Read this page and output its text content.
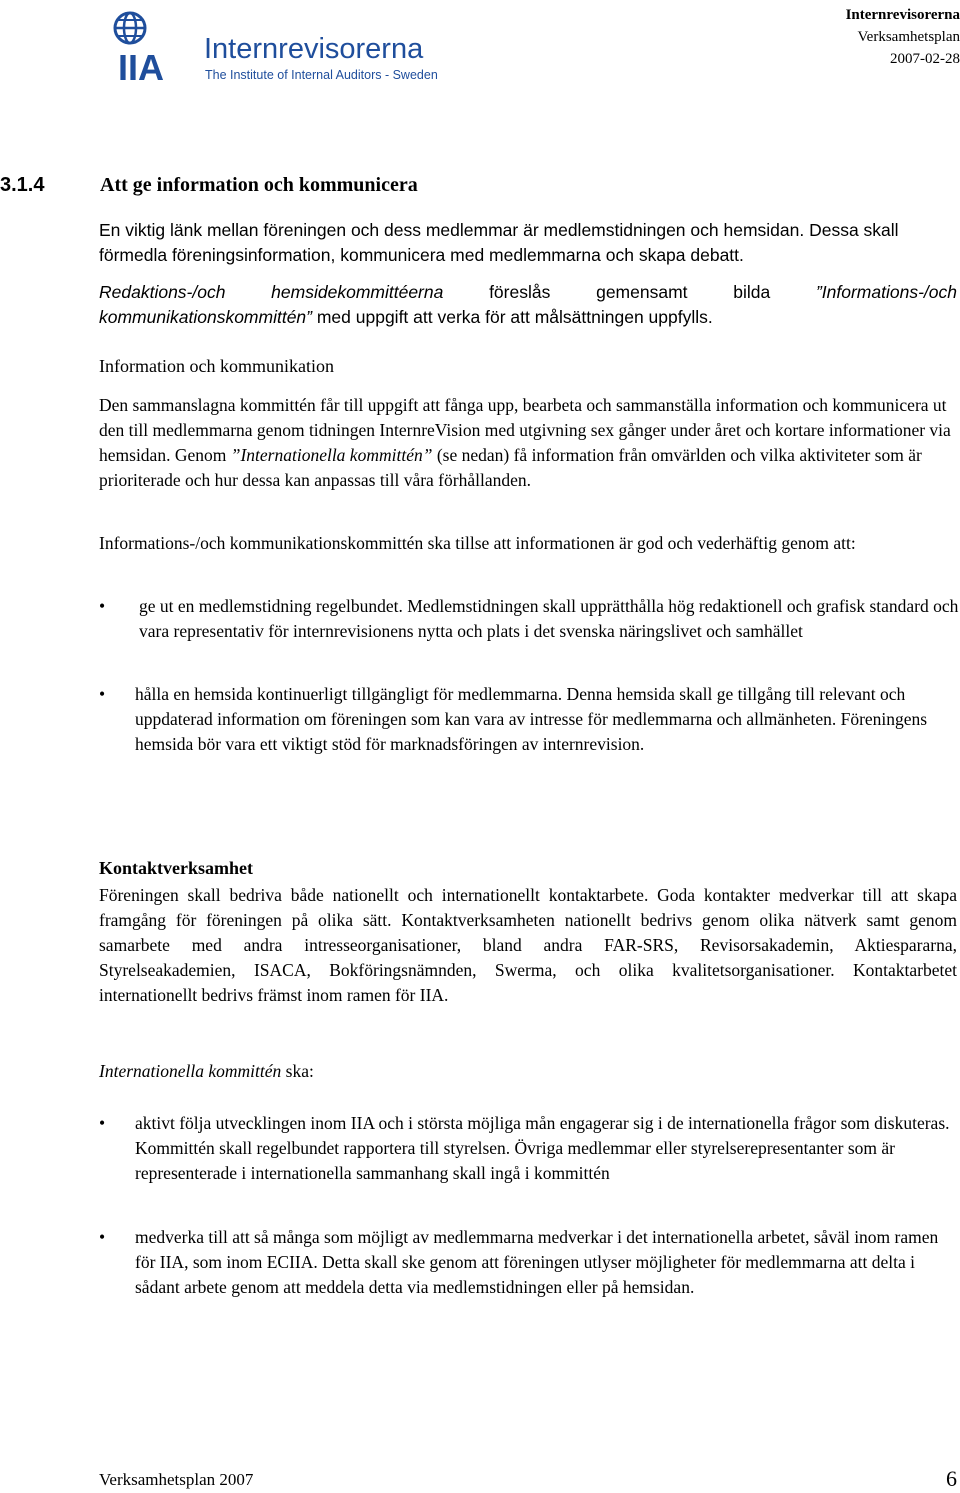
IIA Internrevisorerna
The Institute of Internal Auditors - Sweden
Internrevisorerna
Verksamhetsplan
2007-02-28
3.1.4	Att ge information och kommunicera

En viktig länk mellan föreningen och dess medlemmar är medlemstidningen och hemsidan. Dessa skall förmedla föreningsinformation, kommunicera med medlemmarna och skapa debatt.

Redaktions-/och hemsidekommittéerna föreslås gemensamt bilda ”Informations-/och kommunikationskommittén” med uppgift att verka för att målsättningen uppfylls.

Information och kommunikation

Den sammanslagna kommittén får till uppgift att fånga upp, bearbeta och sammanställa information och kommunicera ut den till medlemmarna genom tidningen InternreVision med utgivning sex gånger under året och kortare informationer via hemsidan. Genom ”Internationella kommittén” (se nedan) få information från omvärlden och vilka aktiviteter som är prioriterade och hur dessa kan anpassas till våra förhållanden.

Informations-/och kommunikationskommittén ska tillse att informationen är god och vederhäftig genom att:

• ge ut en medlemstidning regelbundet. Medlemstidningen skall upprätthålla hög redaktionell och grafisk standard och vara representativ för internrevisionens nytta och plats i det svenska näringslivet och samhället
• hålla en hemsida kontinuerligt tillgängligt för medlemmarna. Denna hemsida skall ge tillgång till relevant och uppdaterad information om föreningen som kan vara av intresse för medlemmarna och allmänheten. Föreningens hemsida bör vara ett viktigt stöd för marknadsföringen av internrevision.
Kontaktverksamhet

Föreningen skall bedriva både nationellt och internationellt kontaktarbete. Goda kontakter medverkar till att skapa framgång för föreningen på olika sätt. Kontaktverksamheten nationellt bedrivs genom olika nätverk samt genom samarbete med andra intresseorganisationer, bland andra FAR-SRS, Revisorsakademin, Aktiespararna, Styrelseakademien, ISACA, Bokföringsnämnden, Swerma, och olika kvalitetsorganisationer. Kontaktarbetet internationellt bedrivs främst inom ramen för IIA.

Internationella kommittén ska:

• aktivt följa utvecklingen inom IIA och i största möjliga mån engagerar sig i de internationella frågor som diskuteras. Kommittén skall regelbundet rapportera till styrelsen. Övriga medlemmar eller styrelserepresentanter som är representerade i internationella sammanhang skall ingå i kommittén
• medverka till att så många som möjligt av medlemmarna medverkar i det internationella arbetet, såväl inom ramen för IIA, som inom ECIIA. Detta skall ske genom att föreningen utlyser möjligheter för medlemmarna att delta i sådant arbete genom att meddela detta via medlemstidningen eller på hemsidan.
Verksamhetsplan 2007	6
